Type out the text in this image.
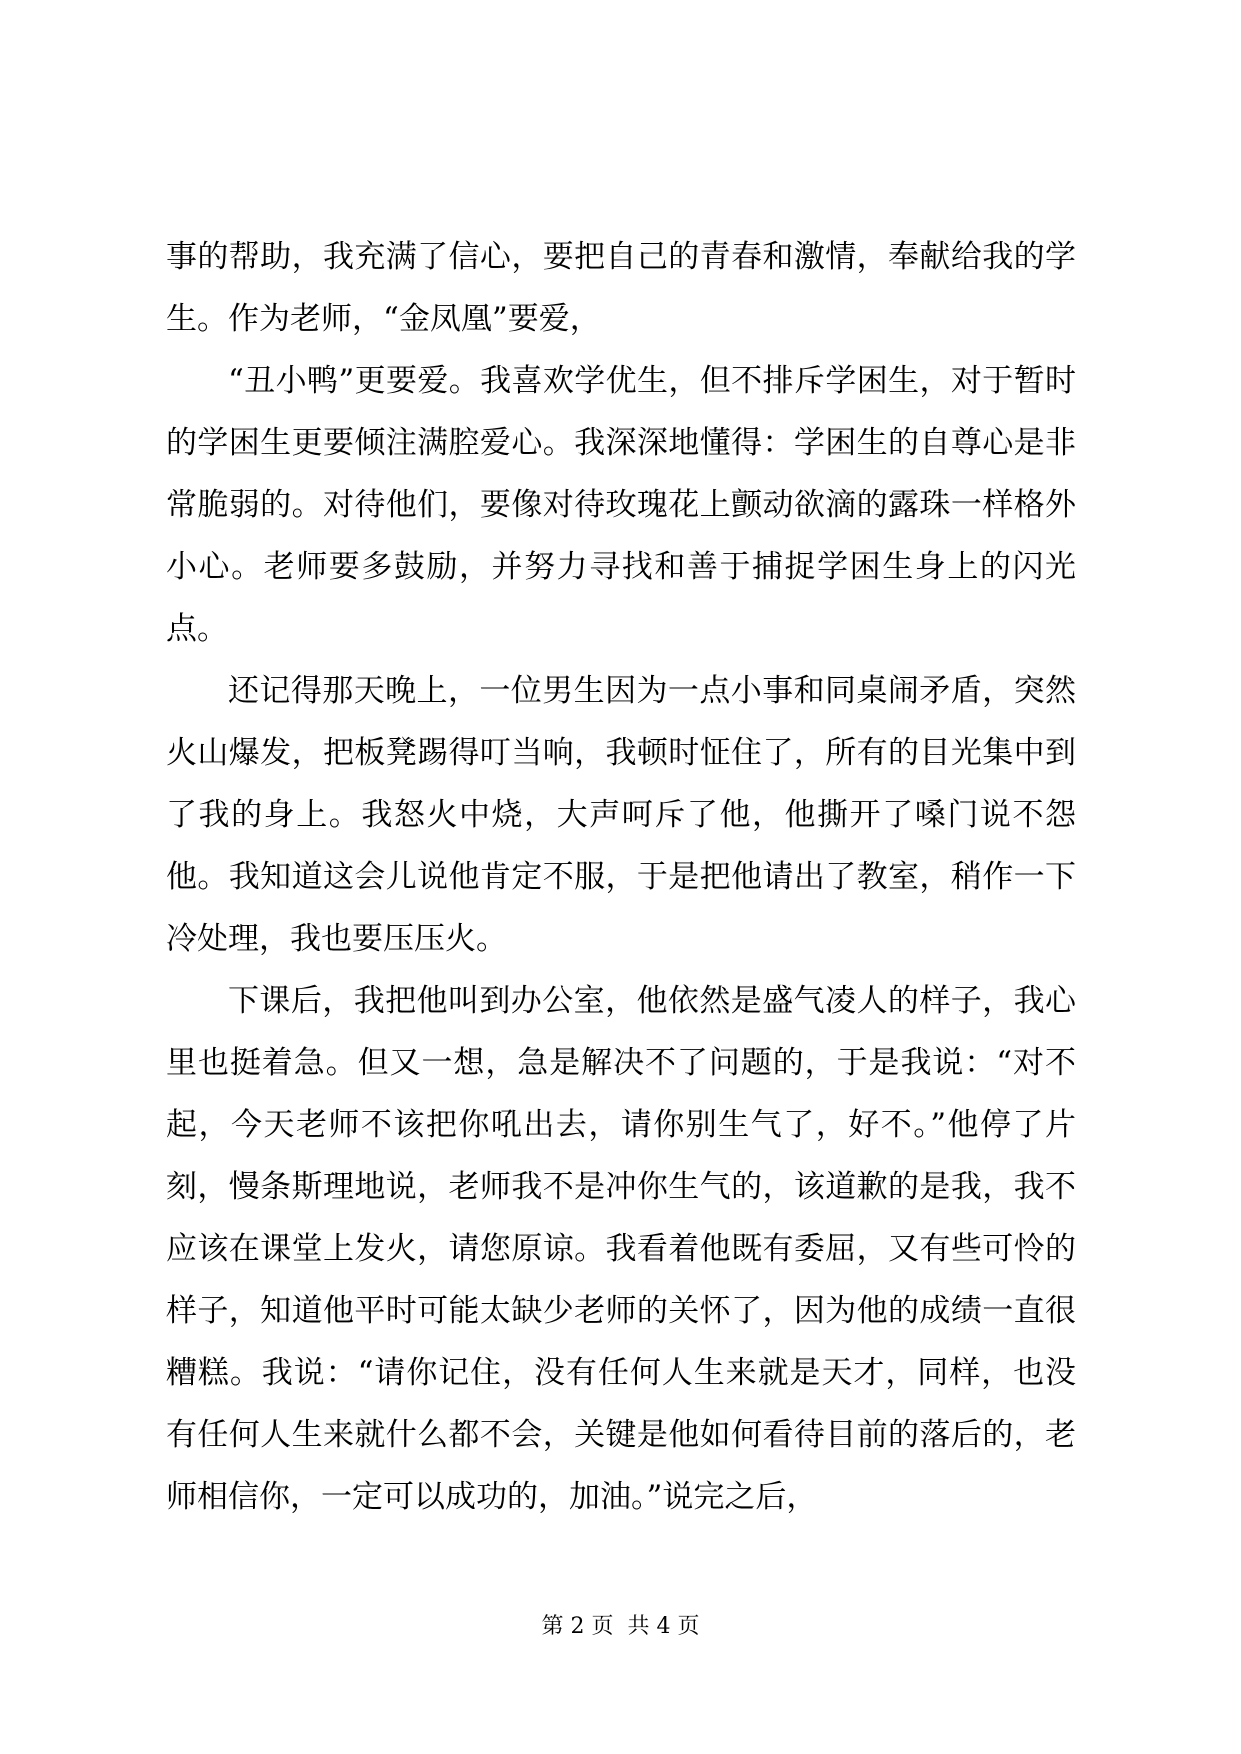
事的帮助，我充满了信心，要把自己的青春和激情，奉献给我的学生。作为老师，“金凤凰”要爱，

“丑小鸭”更要爱。我喜欢学优生，但不排斥学困生，对于暂时的学困生更要倾注满腔爱心。我深深地懂得：学困生的自尊心是非常脆弱的。对待他们，要像对待玫瑰花上颤动欲滴的露珠一样格外小心。老师要多鼓励，并努力寻找和善于捕捉学困生身上的闪光点。

还记得那天晚上，一位男生因为一点小事和同桌闹矛盾，突然火山爆发，把板凳踢得叮当响，我顿时怔住了，所有的目光集中到了我的身上。我怒火中烧，大声呵斥了他，他撕开了嗓门说不怨他。我知道这会儿说他肯定不服，于是把他请出了教室，稍作一下冷处理，我也要压压火。

下课后，我把他叫到办公室，他依然是盛气凌人的样子，我心里也挺着急。但又一想，急是解决不了问题的，于是我说：“对不起，今天老师不该把你吼出去，请你别生气了，好不。”他停了片刻，慢条斯理地说，老师我不是冲你生气的，该道歉的是我，我不应该在课堂上发火，请您原谅。我看着他既有委屈，又有些可怜的样子，知道他平时可能太缺少老师的关怀了，因为他的成绩一直很糟糕。我说：“请你记住，没有任何人生来就是天才，同样，也没有任何人生来就什么都不会，关键是他如何看待目前的落后的，老师相信你，一定可以成功的，加油。”说完之后，

第 2 页  共 4 页
